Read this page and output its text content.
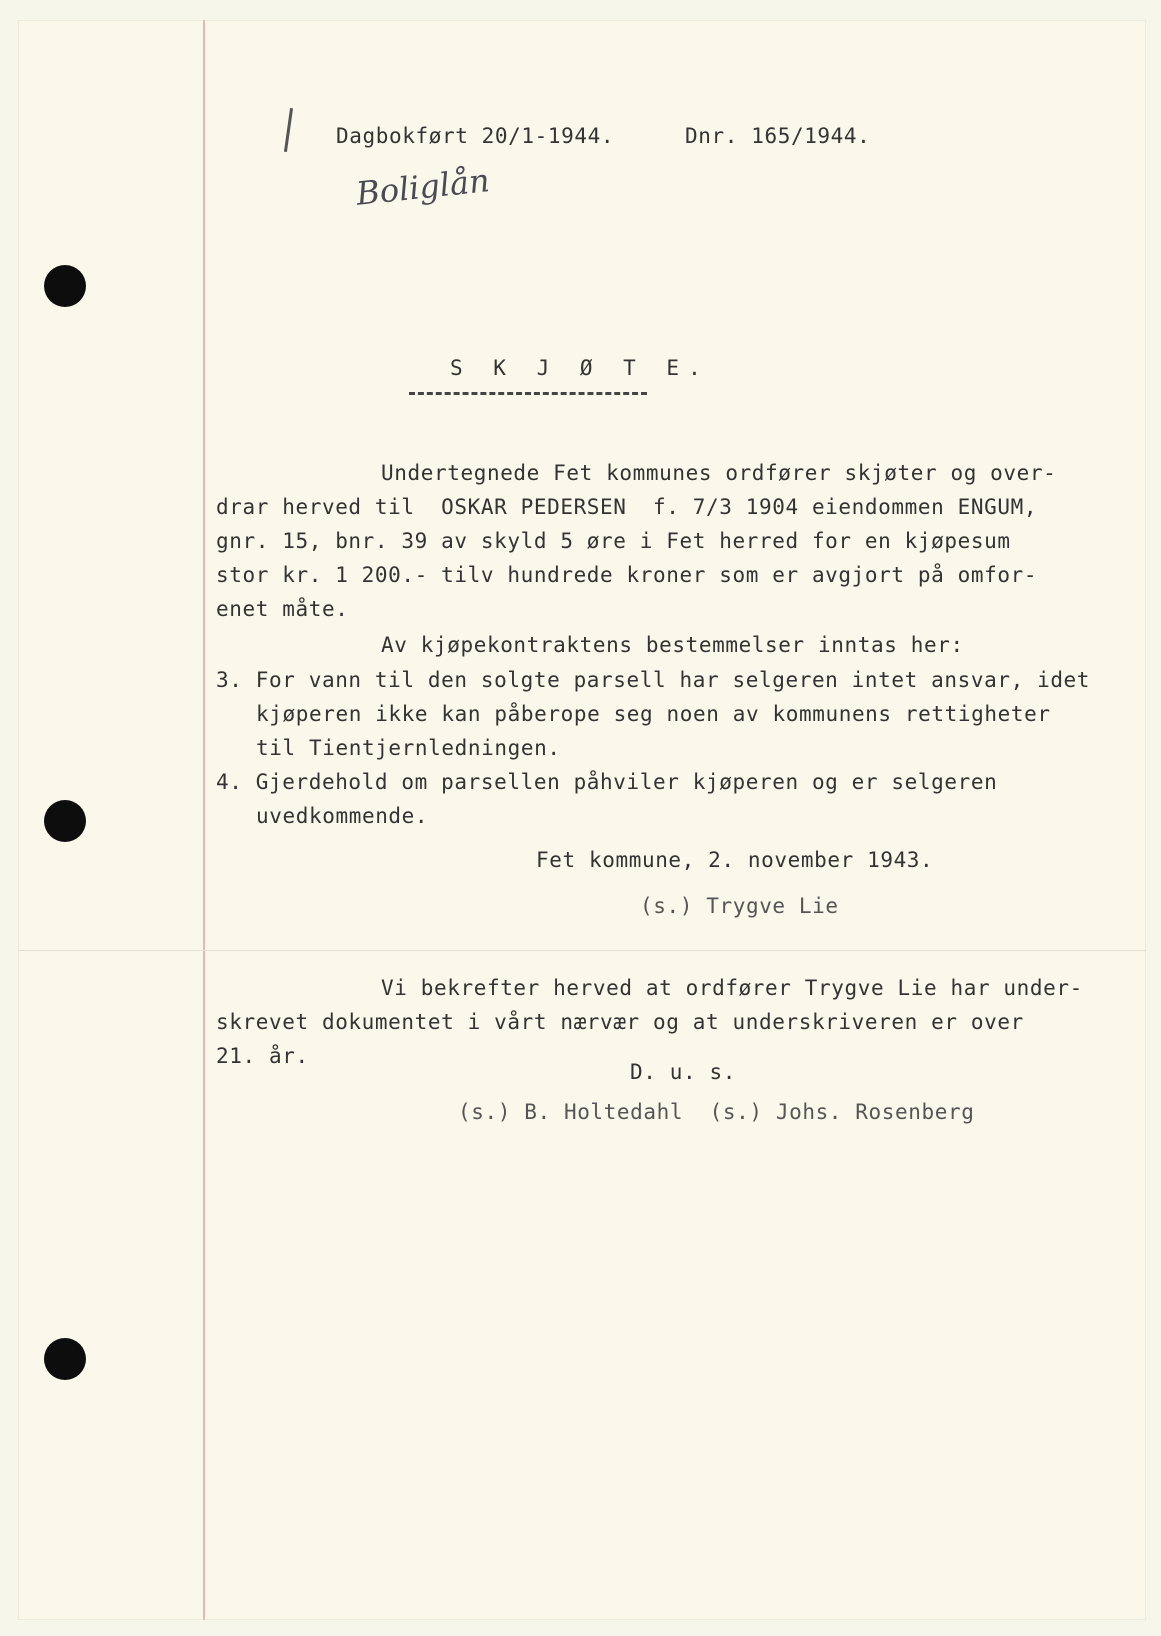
Dagbokført 20/1-1944.	Dnr. 165/1944.
Boliglån
S K J Ø T E.
Undertegnede Fet kommunes ordfører skjøter og over-
drar herved til  OSKAR PEDERSEN  f. 7/3 1904 eiendommen ENGUM,
gnr. 15, bnr. 39 av skyld 5 øre i Fet herred for en kjøpesum
stor kr. 1 200.- tilv hundrede kroner som er avgjort på omfor-
enet måte.
Av kjøpekontraktens bestemmelser inntas her:
3. For vann til den solgte parsell har selgeren intet ansvar, idet
kjøperen ikke kan påberope seg noen av kommunens rettigheter
til Tientjernledningen.
4. Gjerdehold om parsellen påhviler kjøperen og er selgeren
uvedkommende.
Fet kommune, 2. november 1943.
(s.) Trygve Lie
Vi bekrefter herved at ordfører Trygve Lie har under-
skrevet dokumentet i vårt nærvær og at underskriveren er over
21. år.
D. u. s.
(s.) B. Holtedahl  (s.) Johs. Rosenberg
